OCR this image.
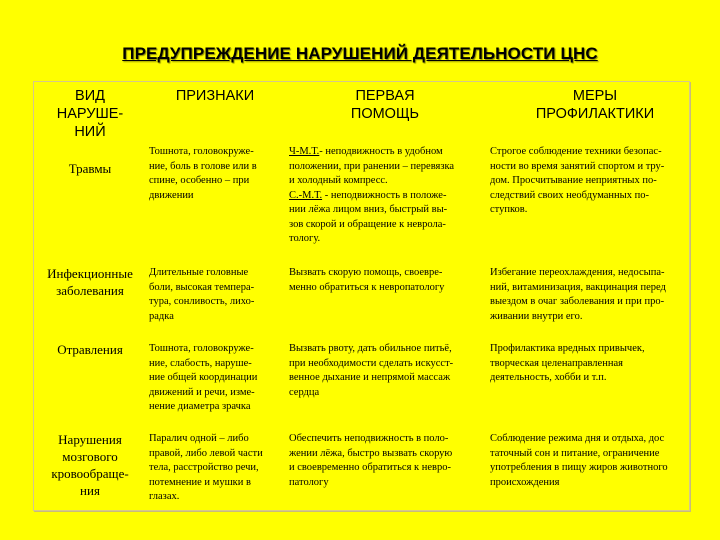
ПРЕДУПРЕЖДЕНИЕ НАРУШЕНИЙ ДЕЯТЕЛЬНОСТИ ЦНС
ВИД
НАРУШЕ-
НИЙ
ПРИЗНАКИ	ПЕРВАЯ
ПОМОЩЬ
МЕРЫ
ПРОФИЛАКТИКИ
Травмы
Тошнота, головокруже-
ние, боль в голове или в
спине, особенно – при
движении
Ч-М.Т.- неподвижность в удобном
положении, при ранении – перевязка
и холодный компресс.
С.-М.Т. - неподвижность в положе-
нии лёжа лицом вниз, быстрый вы-
зов скорой и обращение к неврола-
тологу.
Строгое соблюдение техники безопас-
ности во время занятий спортом и тру-
дом. Просчитывание неприятных по-
следствий своих необдуманных по-
ступков.
Инфекционные
заболевания
Длительные головные
боли, высокая темпера-
тура, сонливость, лихо-
радка
Вызвать скорую помощь, своевре-
менно обратиться к невропатологу
Избегание переохлаждения, недосыпа-
ний, витаминизация, вакцинация перед
выездом в очаг заболевания и при про-
живании внутри его.
Отравления	Тошнота, головокруже-
ние, слабость, наруше-
ние общей координации
движений и речи, изме-
нение диаметра зрачка
Вызвать рвоту, дать обильное питьё,
при необходимости сделать искусст-
венное дыхание и непрямой массаж
сердца
Профилактика вредных привычек,
творческая целенаправленная
деятельность, хобби и т.п.
Нарушения
мозгового
кровообраще-
ния
Паралич одной – либо
правой, либо левой части
тела, расстройство речи,
потемнение и мушки в
глазах.
Обеспечить неподвижность в поло-
жении лёжа, быстро вызвать скорую
и своевременно обратиться к невро-
патологу
Соблюдение режима дня и отдыха, дос
таточный сон и питание, ограничение
употребления в пищу жиров животного
происхождения
